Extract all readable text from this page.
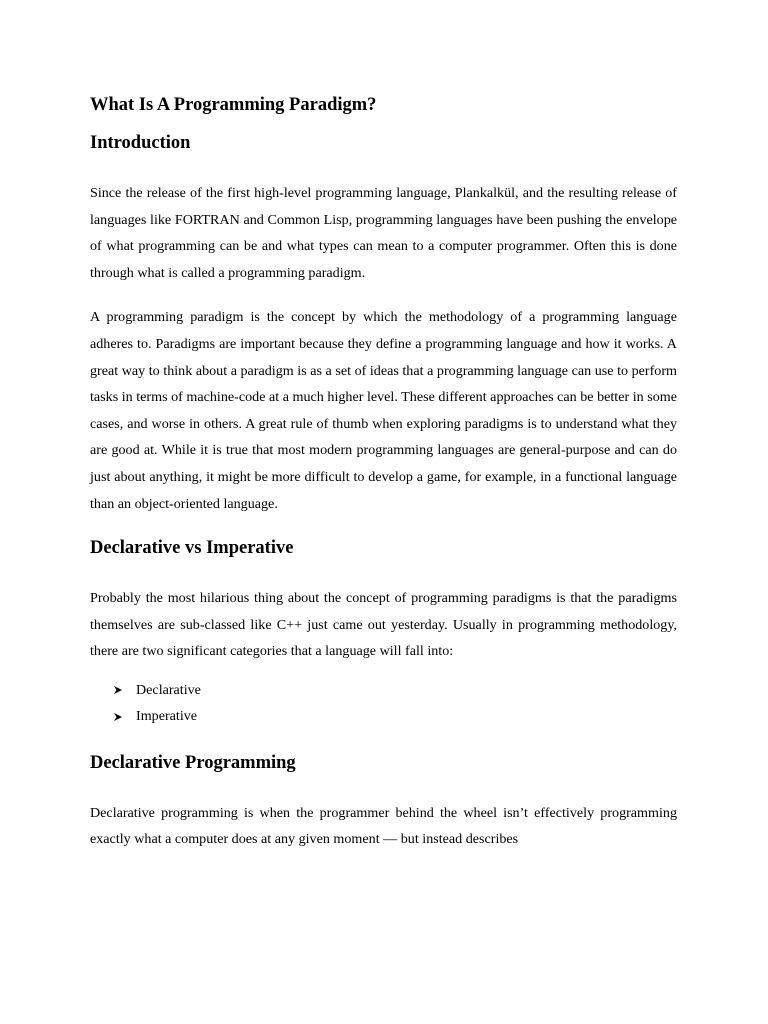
What Is A Programming Paradigm?
Introduction

Since the release of the first high-level programming language, Plankalkül, and the resulting release of languages like FORTRAN and Common Lisp, programming languages have been pushing the envelope of what programming can be and what types can mean to a computer programmer. Often this is done through what is called a programming paradigm.

A programming paradigm is the concept by which the methodology of a programming language adheres to. Paradigms are important because they define a programming language and how it works. A great way to think about a paradigm is as a set of ideas that a programming language can use to perform tasks in terms of machine-code at a much higher level. These different approaches can be better in some cases, and worse in others. A great rule of thumb when exploring paradigms is to understand what they are good at. While it is true that most modern programming languages are general-purpose and can do just about anything, it might be more difficult to develop a game, for example, in a functional language than an object-oriented language.

Declarative vs Imperative

Probably the most hilarious thing about the concept of programming paradigms is that the paradigms themselves are sub-classed like C++ just came out yesterday. Usually in programming methodology, there are two significant categories that a language will fall into:

Declarative
Imperative
Declarative Programming

Declarative programming is when the programmer behind the wheel isn’t effectively programming exactly what a computer does at any given moment — but instead describes
